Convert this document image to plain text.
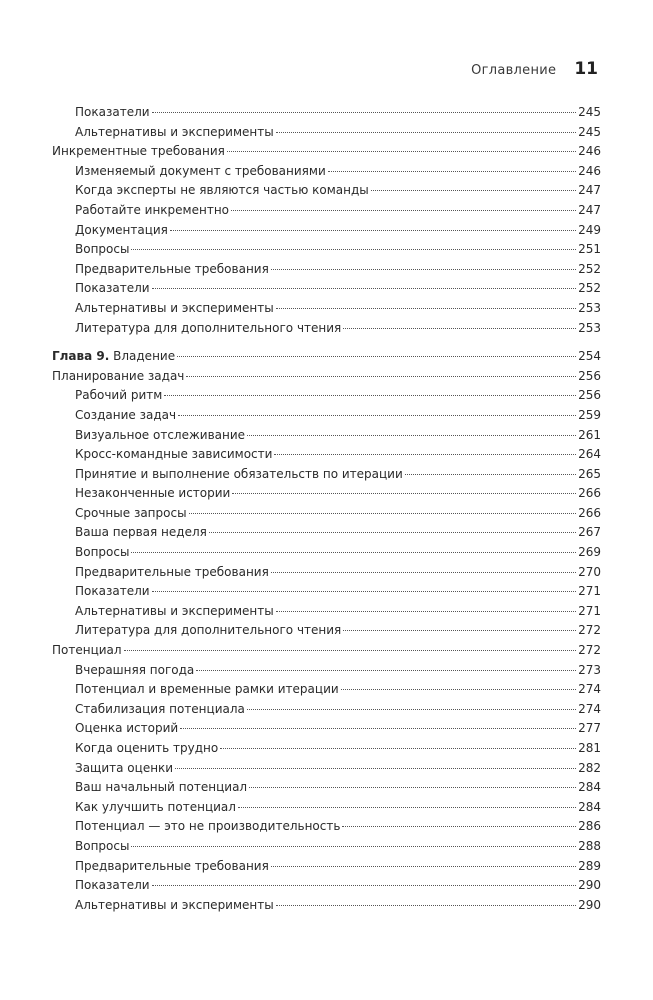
Оглавление 11
Показатели	245
Альтернативы и эксперименты	245
Инкрементные требования	246
Изменяемый документ с требованиями	246
Когда эксперты не являются частью команды	247
Работайте инкрементно	247
Документация	249
Вопросы	251
Предварительные требования	252
Показатели	252
Альтернативы и эксперименты	253
Литература для дополнительного чтения	253
Глава 9. Владение	254
Планирование задач	256
Рабочий ритм	256
Создание задач	259
Визуальное отслеживание	261
Кросс-командные зависимости	264
Принятие и выполнение обязательств по итерации	265
Незаконченные истории	266
Срочные запросы	266
Ваша первая неделя	267
Вопросы	269
Предварительные требования	270
Показатели	271
Альтернативы и эксперименты	271
Литература для дополнительного чтения	272
Потенциал	272
Вчерашняя погода	273
Потенциал и временные рамки итерации	274
Стабилизация потенциала	274
Оценка историй	277
Когда оценить трудно	281
Защита оценки	282
Ваш начальный потенциал	284
Как улучшить потенциал	284
Потенциал — это не производительность	286
Вопросы	288
Предварительные требования	289
Показатели	290
Альтернативы и эксперименты	290
